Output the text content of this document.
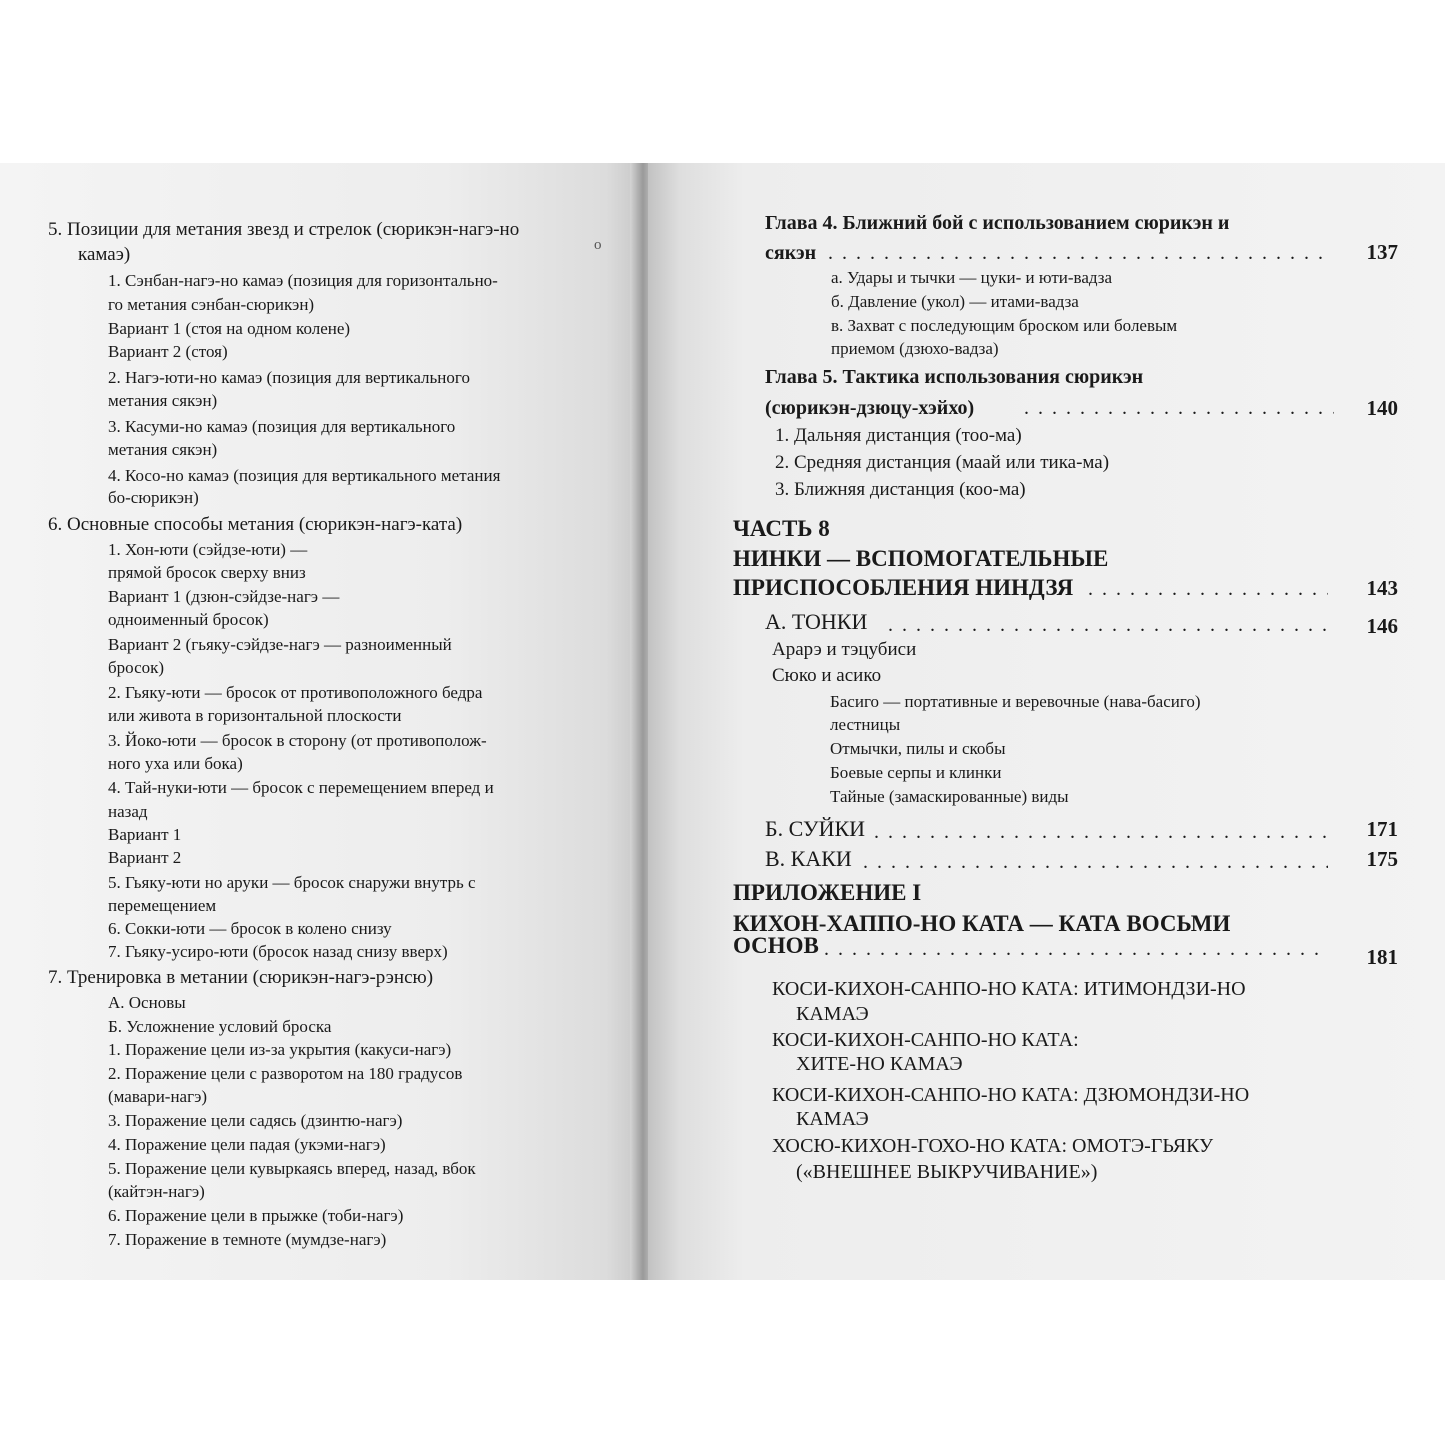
5. Позиции для метания звезд и стрелок (сюрикэн-нагэ-но
камаэ)
1. Сэнбан-нагэ-но камаэ (позиция для горизонтально-
го метания сэнбан-сюрикэн)
Вариант 1 (стоя на одном колене)
Вариант 2 (стоя)
2. Нагэ-юти-но камаэ (позиция для вертикального
метания сякэн)
3. Касуми-но камаэ (позиция для вертикального
метания сякэн)
4. Косо-но камаэ (позиция для вертикального метания
бо-сюрикэн)
6. Основные способы метания (сюрикэн-нагэ-ката)
1. Хон-юти (сэйдзе-юти) —
прямой бросок сверху вниз
Вариант 1 (дзюн-сэйдзе-нагэ —
одноименный бросок)
Вариант 2 (гьяку-сэйдзе-нагэ — разноименный
бросок)
2. Гьяку-юти — бросок от противоположного бедра
или живота в горизонтальной плоскости
3. Йоко-юти — бросок в сторону (от противополож-
ного уха или бока)
4. Тай-нуки-юти — бросок с перемещением вперед и
назад
Вариант 1
Вариант 2
5. Гьяку-юти но аруки — бросок снаружи внутрь с
перемещением
6. Сокки-юти — бросок в колено снизу
7. Гьяку-усиро-юти (бросок назад снизу вверх)
7. Тренировка в метании (сюрикэн-нагэ-рэнсю)
А. Основы
Б. Усложнение условий броска
1. Поражение цели из-за укрытия (какуси-нагэ)
2. Поражение цели с разворотом на 180 градусов
(мавари-нагэ)
3. Поражение цели садясь (дзинтю-нагэ)
4. Поражение цели падая (укэми-нагэ)
5. Поражение цели кувыркаясь вперед, назад, вбок
(кайтэн-нагэ)
6. Поражение цели в прыжке (тоби-нагэ)
7. Поражение в темноте (мумдзе-нагэ)
o
Глава 4. Ближний бой с использованием сюрикэн и
сякэн . . .	137
а. Удары и тычки — цуки- и юти-вадза
б. Давление (укол) — итами-вадза
в. Захват с последующим броском или болевым
приемом (дзюхо-вадза)
Глава 5. Тактика использования сюрикэн
(сюрикэн-дзюцу-хэйхо) . . .	140
1. Дальняя дистанция (тоо-ма)
2. Средняя дистанция (маай или тика-ма)
3. Ближняя дистанция (коо-ма)
ЧАСТЬ 8
НИНКИ — ВСПОМОГАТЕЛЬНЫЕ
ПРИСПОСОБЛЕНИЯ НИНДЗЯ . . .	143
А. ТОНКИ . . .	146
Арарэ и тэцубиси
Сюко и асико
Басиго — портативные и веревочные (нава-басиго)
лестницы
Отмычки, пилы и скобы
Боевые серпы и клинки
Тайные (замаскированные) виды
Б. СУЙКИ . . .	171
В. КАКИ . . .	175
ПРИЛОЖЕНИЕ I
КИХОН-ХАППО-НО КАТА — КАТА ВОСЬМИ
ОСНОВ . . .	181
КОСИ-КИХОН-САНПО-НО КАТА: ИТИМОНДЗИ-НО
КАМАЭ
КОСИ-КИХОН-САНПО-НО КАТА:
ХИТЕ-НО КАМАЭ
КОСИ-КИХОН-САНПО-НО КАТА: ДЗЮМОНДЗИ-НО
КАМАЭ
ХОСЮ-КИХОН-ГОХО-НО КАТА: ОМОТЭ-ГЬЯКУ
(«ВНЕШНЕЕ ВЫКРУЧИВАНИЕ»)
